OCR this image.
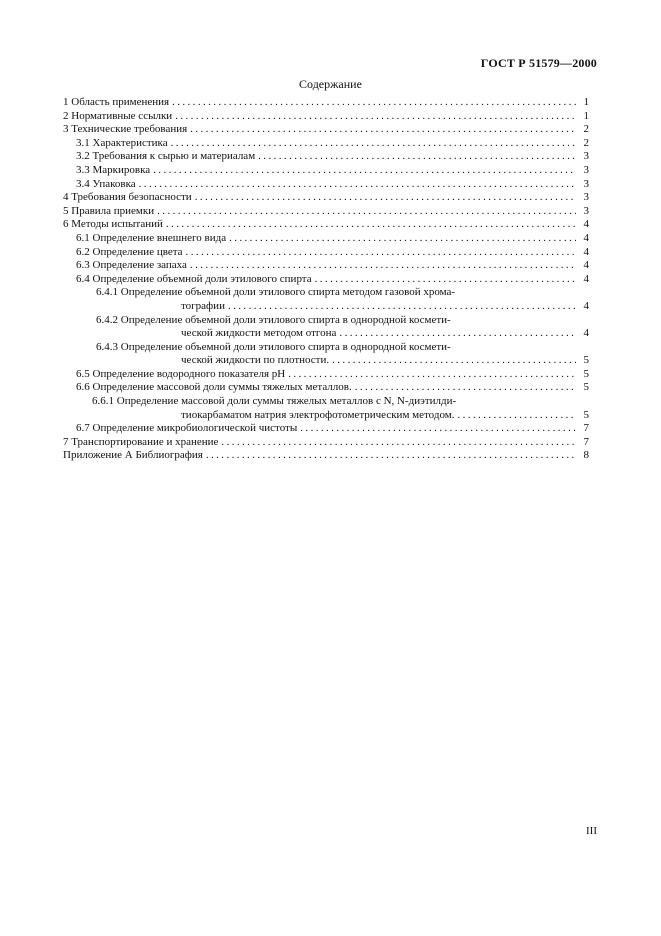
ГОСТ Р 51579—2000
Содержание
1 Область применения .....	1
2 Нормативные ссылки .....	1
3 Технические требования .....	2
3.1 Характеристика .....	2
3.2 Требования к сырью и материалам .....	3
3.3 Маркировка .....	3
3.4 Упаковка .....	3
4 Требования безопасности .....	3
5 Правила приемки .....	3
6 Методы испытаний .....	4
6.1 Определение внешнего вида .....	4
6.2 Определение цвета .....	4
6.3 Определение запаха .....	4
6.4 Определение объемной доли этилового спирта .....	4
6.4.1 Определение объемной доли этилового спирта методом газовой хрома-
тографии .....	4
6.4.2 Определение объемной доли этилового спирта в однородной космети-
ческой жидкости методом отгона .....	4
6.4.3 Определение объемной доли этилового спирта в однородной космети-
ческой жидкости по плотности. .....	5
6.5 Определение водородного показателя pH .....	5
6.6 Определение массовой доли суммы тяжелых металлов. .....	5
6.6.1 Определение массовой доли суммы тяжелых металлов с N, N-диэтилди-
тиокарбаматом натрия электрофотометрическим методом. .....	5
6.7 Определение микробиологической чистоты .....	7
7 Транспортирование и хранение .....	7
Приложение А Библиография .....	8
III
